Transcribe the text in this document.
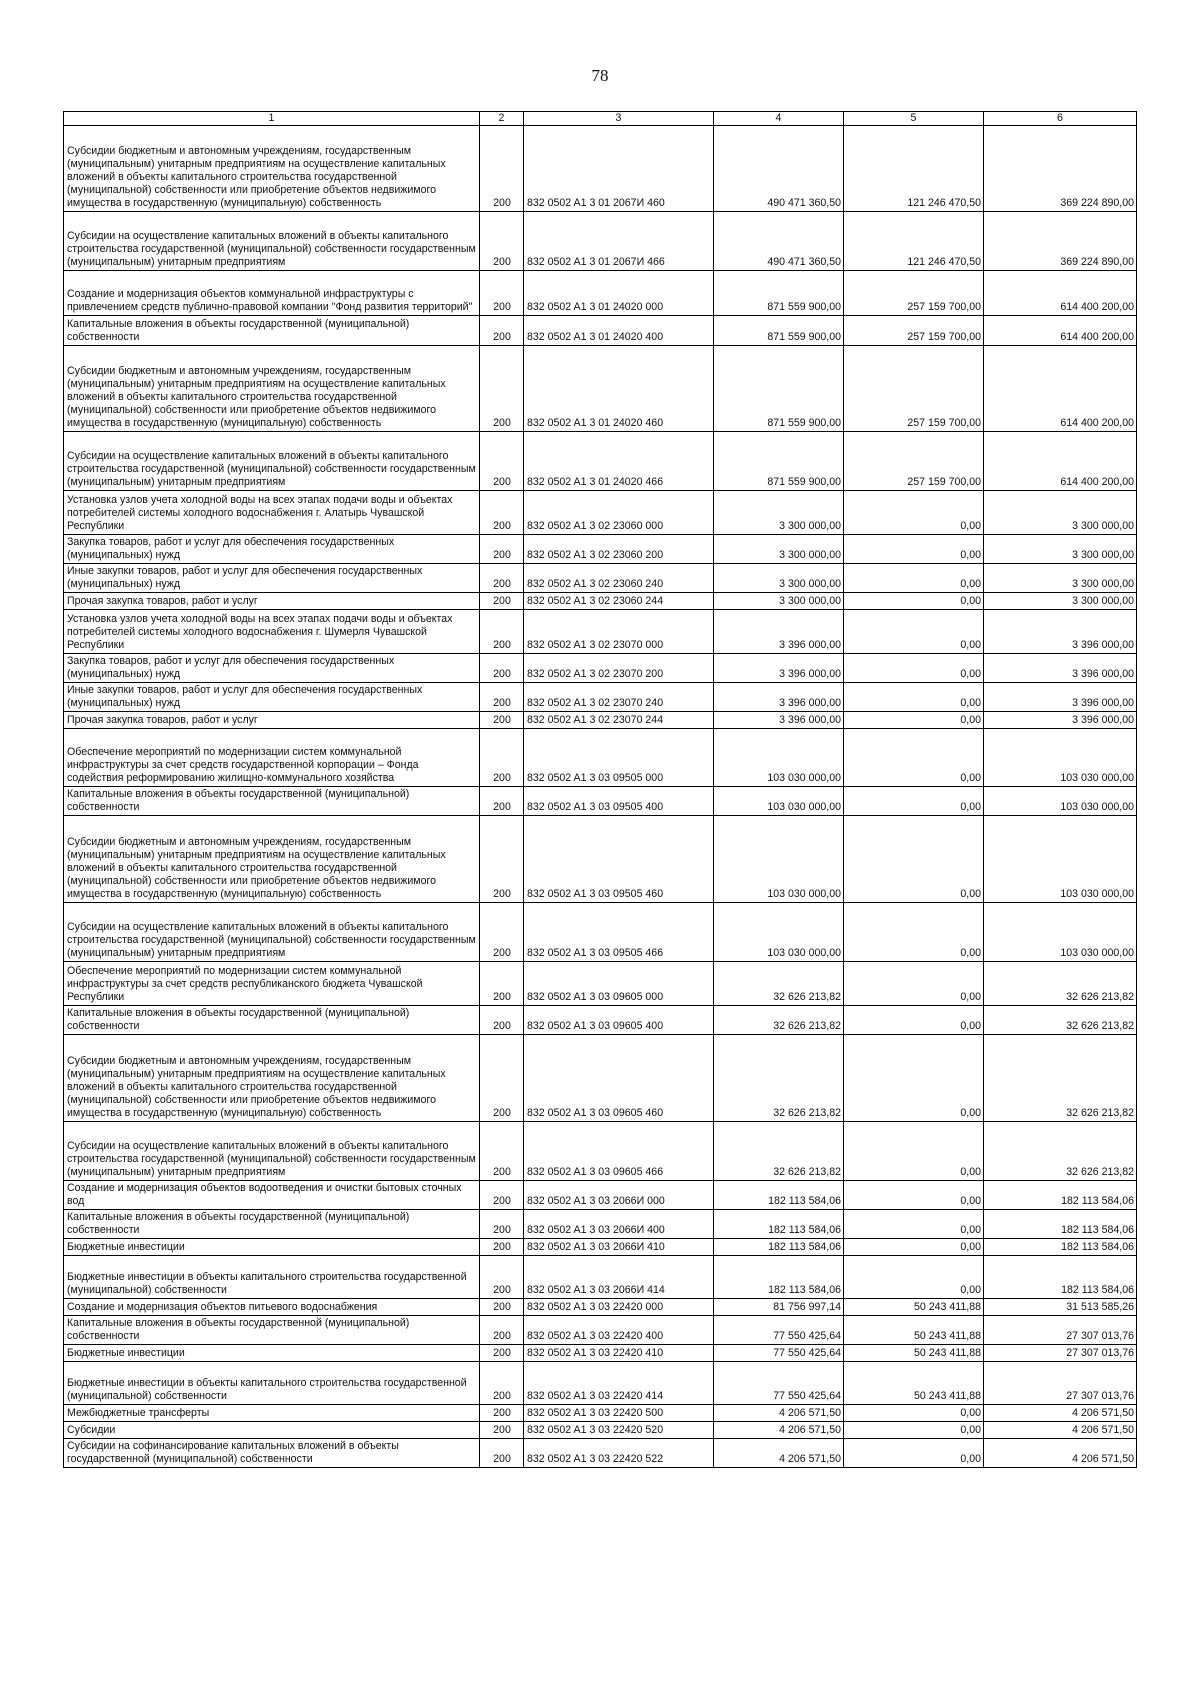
78
1	2	3	4	5	6
Субсидии бюджетным и автономным учреждениям, государственным (муниципальным) унитарным предприятиям на осуществление капитальных вложений в объекты капитального строительства государственной (муниципальной) собственности или приобретение объектов недвижимого имущества в государственную (муниципальную) собственность	200	832 0502 A1 3 01 2067И 460	490 471 360,50	121 246 470,50	369 224 890,00
Субсидии на осуществление капитальных вложений в объекты капитального строительства государственной (муниципальной) собственности государственным (муниципальным) унитарным предприятиям	200	832 0502 A1 3 01 2067И 466	490 471 360,50	121 246 470,50	369 224 890,00
Создание и модернизация объектов коммунальной инфраструктуры с привлечением средств публично-правовой компании "Фонд развития территорий"	200	832 0502 A1 3 01 24020 000	871 559 900,00	257 159 700,00	614 400 200,00
Капитальные вложения в объекты государственной (муниципальной) собственности	200	832 0502 A1 3 01 24020 400	871 559 900,00	257 159 700,00	614 400 200,00
Субсидии бюджетным и автономным учреждениям, государственным (муниципальным) унитарным предприятиям на осуществление капитальных вложений в объекты капитального строительства государственной (муниципальной) собственности или приобретение объектов недвижимого имущества в государственную (муниципальную) собственность	200	832 0502 A1 3 01 24020 460	871 559 900,00	257 159 700,00	614 400 200,00
Субсидии на осуществление капитальных вложений в объекты капитального строительства государственной (муниципальной) собственности государственным (муниципальным) унитарным предприятиям	200	832 0502 A1 3 01 24020 466	871 559 900,00	257 159 700,00	614 400 200,00
Установка узлов учета холодной воды на всех этапах подачи воды и объектах потребителей системы холодного водоснабжения г. Алатырь Чувашской Республики	200	832 0502 A1 3 02 23060 000	3 300 000,00	0,00	3 300 000,00
Закупка товаров, работ и услуг для обеспечения государственных (муниципальных) нужд	200	832 0502 A1 3 02 23060 200	3 300 000,00	0,00	3 300 000,00
Иные закупки товаров, работ и услуг для обеспечения государственных (муниципальных) нужд	200	832 0502 A1 3 02 23060 240	3 300 000,00	0,00	3 300 000,00
Прочая закупка товаров, работ и услуг	200	832 0502 A1 3 02 23060 244	3 300 000,00	0,00	3 300 000,00
Установка узлов учета холодной воды на всех этапах подачи воды и объектах потребителей системы холодного водоснабжения г. Шумерля Чувашской Республики	200	832 0502 A1 3 02 23070 000	3 396 000,00	0,00	3 396 000,00
Закупка товаров, работ и услуг для обеспечения государственных (муниципальных) нужд	200	832 0502 A1 3 02 23070 200	3 396 000,00	0,00	3 396 000,00
Иные закупки товаров, работ и услуг для обеспечения государственных (муниципальных) нужд	200	832 0502 A1 3 02 23070 240	3 396 000,00	0,00	3 396 000,00
Прочая закупка товаров, работ и услуг	200	832 0502 A1 3 02 23070 244	3 396 000,00	0,00	3 396 000,00
Обеспечение мероприятий по модернизации систем коммунальной инфраструктуры за счет средств государственной корпорации – Фонда содействия реформированию жилищно-коммунального хозяйства	200	832 0502 A1 3 03 09505 000	103 030 000,00	0,00	103 030 000,00
Капитальные вложения в объекты государственной (муниципальной) собственности	200	832 0502 A1 3 03 09505 400	103 030 000,00	0,00	103 030 000,00
Субсидии бюджетным и автономным учреждениям, государственным (муниципальным) унитарным предприятиям на осуществление капитальных вложений в объекты капитального строительства государственной (муниципальной) собственности или приобретение объектов недвижимого имущества в государственную (муниципальную) собственность	200	832 0502 A1 3 03 09505 460	103 030 000,00	0,00	103 030 000,00
Субсидии на осуществление капитальных вложений в объекты капитального строительства государственной (муниципальной) собственности государственным (муниципальным) унитарным предприятиям	200	832 0502 A1 3 03 09505 466	103 030 000,00	0,00	103 030 000,00
Обеспечение мероприятий по модернизации систем коммунальной инфраструктуры за счет средств республиканского бюджета Чувашской Республики	200	832 0502 A1 3 03 09605 000	32 626 213,82	0,00	32 626 213,82
Капитальные вложения в объекты государственной (муниципальной) собственности	200	832 0502 A1 3 03 09605 400	32 626 213,82	0,00	32 626 213,82
Субсидии бюджетным и автономным учреждениям, государственным (муниципальным) унитарным предприятиям на осуществление капитальных вложений в объекты капитального строительства государственной (муниципальной) собственности или приобретение объектов недвижимого имущества в государственную (муниципальную) собственность	200	832 0502 A1 3 03 09605 460	32 626 213,82	0,00	32 626 213,82
Субсидии на осуществление капитальных вложений в объекты капитального строительства государственной (муниципальной) собственности государственным (муниципальным) унитарным предприятиям	200	832 0502 A1 3 03 09605 466	32 626 213,82	0,00	32 626 213,82
Создание и модернизация объектов водоотведения и очистки бытовых сточных вод	200	832 0502 A1 3 03 2066И 000	182 113 584,06	0,00	182 113 584,06
Капитальные вложения в объекты государственной (муниципальной) собственности	200	832 0502 A1 3 03 2066И 400	182 113 584,06	0,00	182 113 584,06
Бюджетные инвестиции	200	832 0502 A1 3 03 2066И 410	182 113 584,06	0,00	182 113 584,06
Бюджетные инвестиции в объекты капитального строительства государственной (муниципальной) собственности	200	832 0502 A1 3 03 2066И 414	182 113 584,06	0,00	182 113 584,06
Создание и модернизация объектов питьевого водоснабжения	200	832 0502 A1 3 03 22420 000	81 756 997,14	50 243 411,88	31 513 585,26
Капитальные вложения в объекты государственной (муниципальной) собственности	200	832 0502 A1 3 03 22420 400	77 550 425,64	50 243 411,88	27 307 013,76
Бюджетные инвестиции	200	832 0502 A1 3 03 22420 410	77 550 425,64	50 243 411,88	27 307 013,76
Бюджетные инвестиции в объекты капитального строительства государственной (муниципальной) собственности	200	832 0502 A1 3 03 22420 414	77 550 425,64	50 243 411,88	27 307 013,76
Межбюджетные трансферты	200	832 0502 A1 3 03 22420 500	4 206 571,50	0,00	4 206 571,50
Субсидии	200	832 0502 A1 3 03 22420 520	4 206 571,50	0,00	4 206 571,50
Субсидии на софинансирование капитальных вложений в объекты государственной (муниципальной) собственности	200	832 0502 A1 3 03 22420 522	4 206 571,50	0,00	4 206 571,50
